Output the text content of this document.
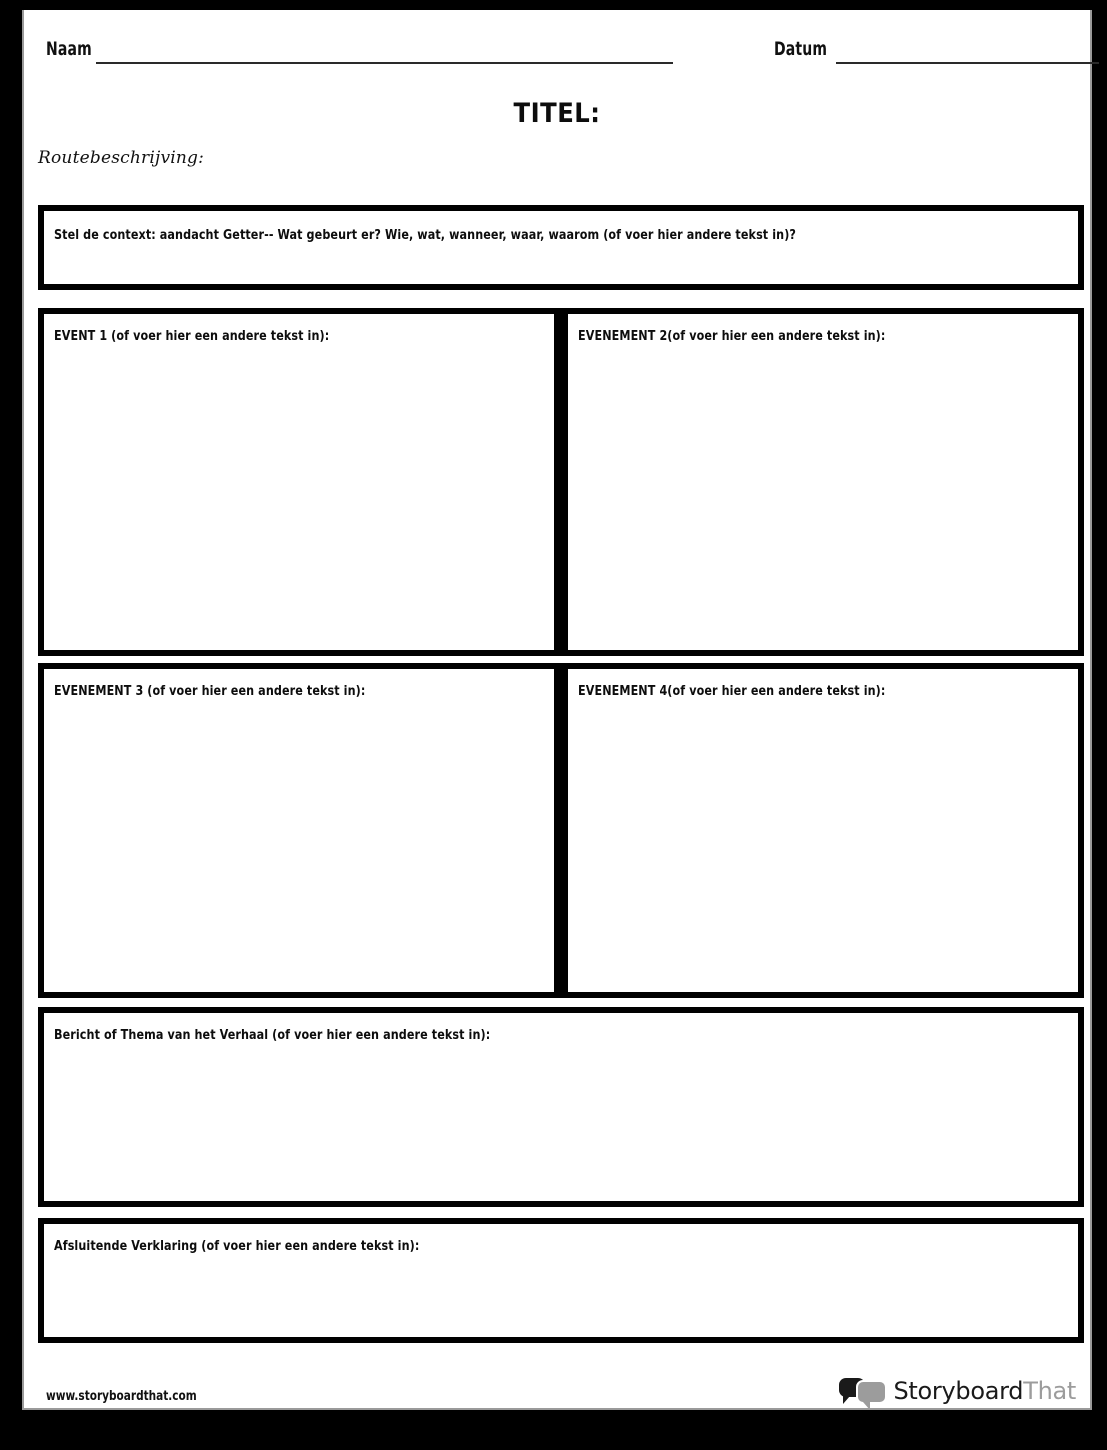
Naam	Datum
TITEL:
Routebeschrijving:
Stel de context: aandacht Getter-- Wat gebeurt er? Wie, wat, wanneer, waar, waarom (of voer hier andere tekst in)?
EVENT 1 (of voer hier een andere tekst in):	EVENEMENT 2(of voer hier een andere tekst in):
EVENEMENT 3 (of voer hier een andere tekst in):	EVENEMENT 4(of voer hier een andere tekst in):
Bericht of Thema van het Verhaal (of voer hier een andere tekst in):
Afsluitende Verklaring (of voer hier een andere tekst in):
www.storyboardthat.com	StoryboardThat
